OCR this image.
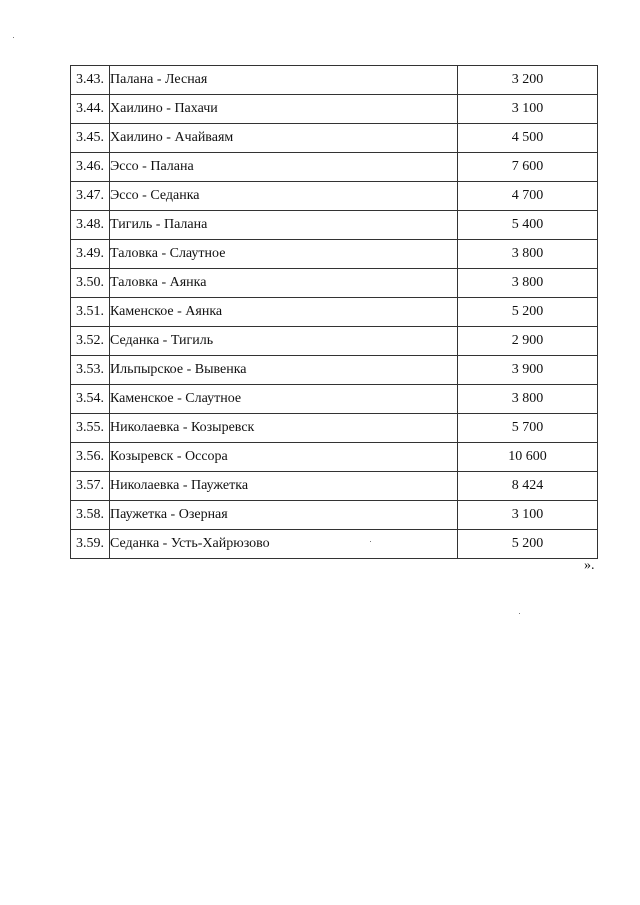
3.43.	Палана - Лесная	3 200
3.44.	Хаилино - Пахачи	3 100
3.45.	Хаилино - Ачайваям	4 500
3.46.	Эссо - Палана	7 600
3.47.	Эссо - Седанка	4 700
3.48.	Тигиль - Палана	5 400
3.49.	Таловка - Слаутное	3 800
3.50.	Таловка - Аянка	3 800
3.51.	Каменское - Аянка	5 200
3.52.	Седанка - Тигиль	2 900
3.53.	Ильпырское - Вывенка	3 900
3.54.	Каменское - Слаутное	3 800
3.55.	Николаевка - Козыревск	5 700
3.56.	Козыревск - Оссора	10 600
3.57.	Николаевка - Паужетка	8 424
3.58.	Паужетка - Озерная	3 100
3.59.	Седанка - Усть-Хайрюзово	5 200
».
